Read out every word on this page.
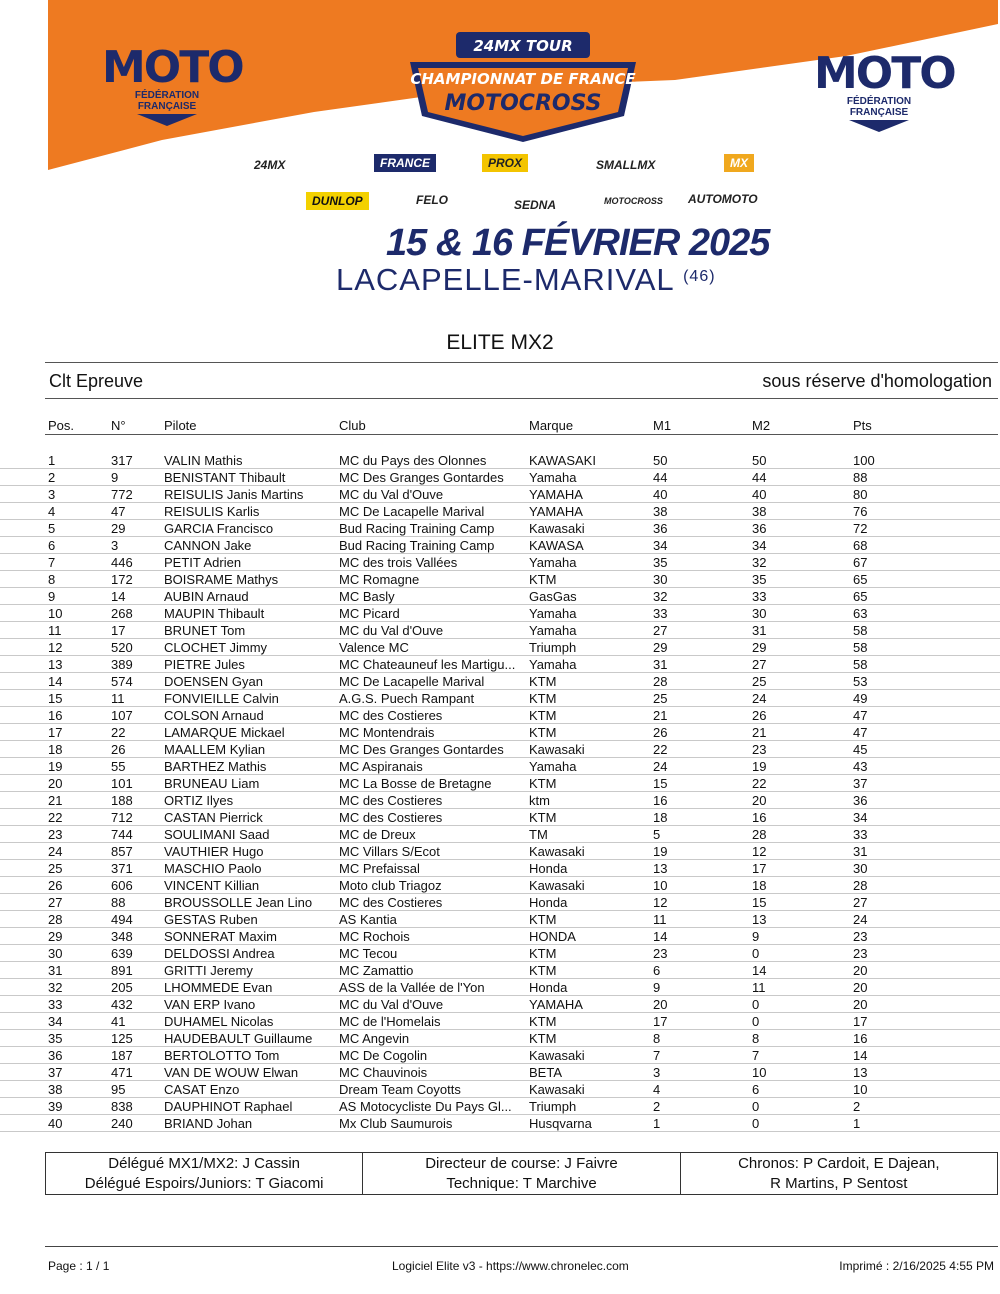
MOTO
FÉDÉRATION
FRANÇAISE
MOTO
FÉDÉRATION
FRANÇAISE
24MX TOUR
CHAMPIONNAT DE FRANCE
MOTOCROSS
24MX	FRANCE	PROX	SMALLMX	MX
DUNLOP	FELO	SEDNA	MOTOCROSS AUTOMOTO
15 & 16 FÉVRIER 2025
LACAPELLE-MARIVAL $^{(46)}$
ELITE MX2
Clt Epreuve	sous réserve d'homologation
Pos.	N°	Pilote	Club	Marque	M1	M2	Pts
1	317	VALIN Mathis	MC du Pays des Olonnes	KAWASAKI	50	50	100
2	9	BENISTANT Thibault	MC Des Granges Gontardes	Yamaha	44	44	88
3	772	REISULIS Janis Martins	MC du Val d'Ouve	YAMAHA	40	40	80
4	47	REISULIS Karlis	MC De Lacapelle Marival	YAMAHA	38	38	76
5	29	GARCIA Francisco	Bud Racing Training Camp	Kawasaki	36	36	72
6	3	CANNON Jake	Bud Racing Training Camp	KAWASA	34	34	68
7	446	PETIT Adrien	MC des trois Vallées	Yamaha	35	32	67
8	172	BOISRAME Mathys	MC Romagne	KTM	30	35	65
9	14	AUBIN Arnaud	MC Basly	GasGas	32	33	65
10	268	MAUPIN Thibault	MC Picard	Yamaha	33	30	63
11	17	BRUNET Tom	MC du Val d'Ouve	Yamaha	27	31	58
12	520	CLOCHET Jimmy	Valence MC	Triumph	29	29	58
13	389	PIETRE Jules	MC Chateauneuf les Martigu...	Yamaha	31	27	58
14	574	DOENSEN Gyan	MC De Lacapelle Marival	KTM	28	25	53
15	11	FONVIEILLE Calvin	A.G.S. Puech Rampant	KTM	25	24	49
16	107	COLSON Arnaud	MC des Costieres	KTM	21	26	47
17	22	LAMARQUE Mickael	MC Montendrais	KTM	26	21	47
18	26	MAALLEM Kylian	MC Des Granges Gontardes	Kawasaki	22	23	45
19	55	BARTHEZ Mathis	MC Aspiranais	Yamaha	24	19	43
20	101	BRUNEAU Liam	MC La Bosse de Bretagne	KTM	15	22	37
21	188	ORTIZ Ilyes	MC des Costieres	ktm	16	20	36
22	712	CASTAN Pierrick	MC des Costieres	KTM	18	16	34
23	744	SOULIMANI Saad	MC de Dreux	TM	5	28	33
24	857	VAUTHIER Hugo	MC Villars S/Ecot	Kawasaki	19	12	31
25	371	MASCHIO Paolo	MC Prefaissal	Honda	13	17	30
26	606	VINCENT Killian	Moto club Triagoz	Kawasaki	10	18	28
27	88	BROUSSOLLE Jean Lino	MC des Costieres	Honda	12	15	27
28	494	GESTAS Ruben	AS Kantia	KTM	11	13	24
29	348	SONNERAT Maxim	MC Rochois	HONDA	14	9	23
30	639	DELDOSSI Andrea	MC Tecou	KTM	23	0	23
31	891	GRITTI Jeremy	MC Zamattio	KTM	6	14	20
32	205	LHOMMEDE Evan	ASS de la Vallée de l'Yon	Honda	9	11	20
33	432	VAN ERP Ivano	MC du Val d'Ouve	YAMAHA	20	0	20
34	41	DUHAMEL Nicolas	MC de l'Homelais	KTM	17	0	17
35	125	HAUDEBAULT Guillaume	MC Angevin	KTM	8	8	16
36	187	BERTOLOTTO Tom	MC De Cogolin	Kawasaki	7	7	14
37	471	VAN DE WOUW Elwan	MC Chauvinois	BETA	3	10	13
38	95	CASAT Enzo	Dream Team Coyotts	Kawasaki	4	6	10
39	838	DAUPHINOT Raphael	AS Motocycliste Du Pays Gl...	Triumph	2	0	2
40	240	BRIAND Johan	Mx Club Saumurois	Husqvarna	1	0	1
Délégué MX1/MX2: J Cassin
Délégué Espoirs/Juniors: T Giacomi
Directeur de course: J Faivre
Technique: T Marchive
Chronos: P Cardoit, E Dajean,
R Martins, P Sentost
Page : 1 / 1	Logiciel Elite v3 - https://www.chronelec.com	Imprimé : 2/16/2025 4:55 PM
